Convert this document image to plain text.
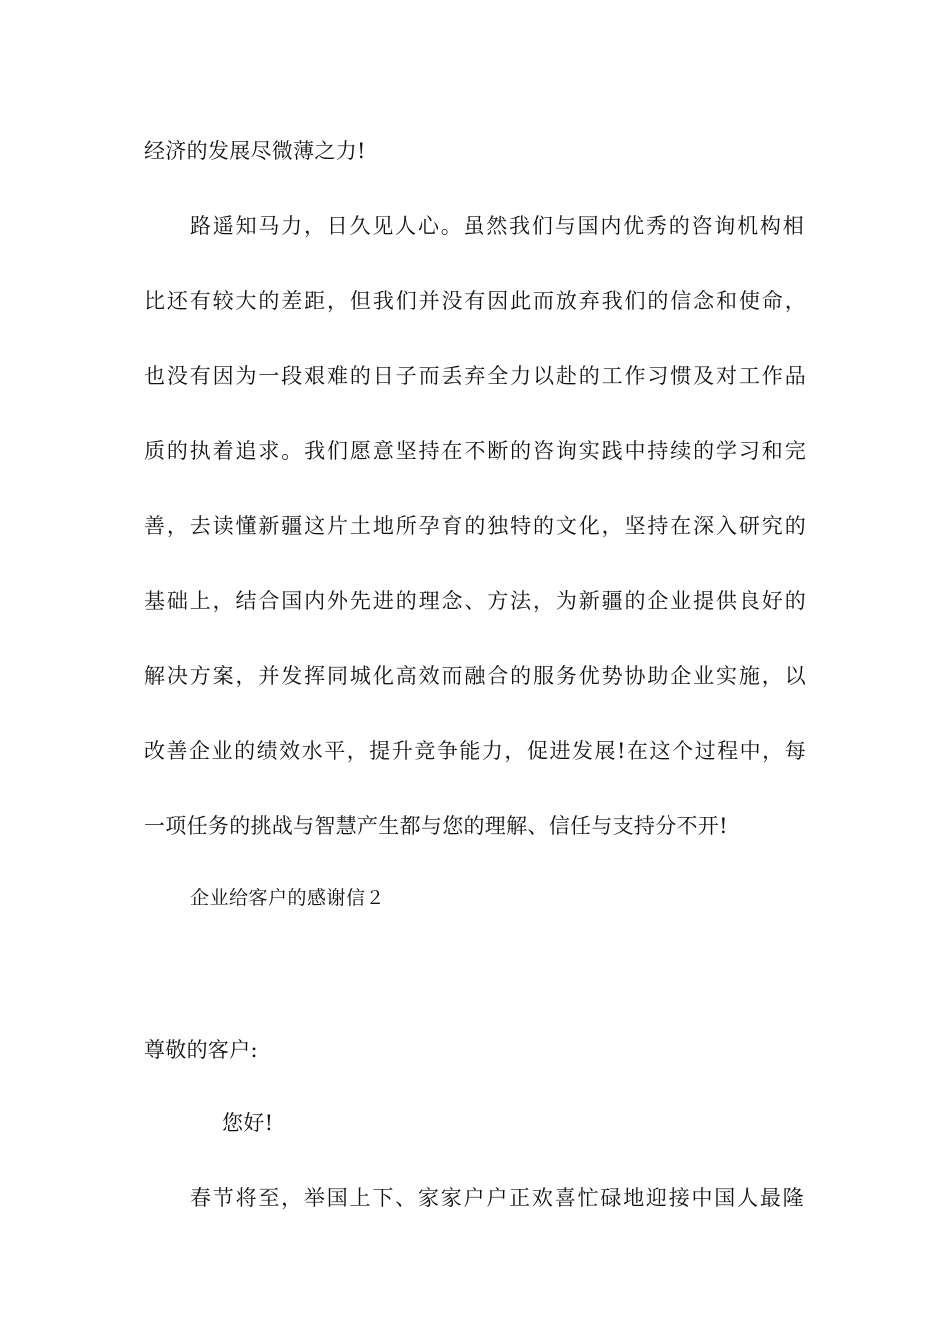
经济的发展尽微薄之力!
路遥知马力，日久见人心。虽然我们与国内优秀的咨询机构相
比还有较大的差距，但我们并没有因此而放弃我们的信念和使命，
也没有因为一段艰难的日子而丢弃全力以赴的工作习惯及对工作品
质的执着追求。我们愿意坚持在不断的咨询实践中持续的学习和完
善，去读懂新疆这片土地所孕育的独特的文化，坚持在深入研究的
基础上，结合国内外先进的理念、方法，为新疆的企业提供良好的
解决方案，并发挥同城化高效而融合的服务优势协助企业实施，以
改善企业的绩效水平，提升竞争能力，促进发展!在这个过程中，每
一项任务的挑战与智慧产生都与您的理解、信任与支持分不开!
企业给客户的感谢信２
尊敬的客户:
您好!
春节将至，举国上下、家家户户正欢喜忙碌地迎接中国人最隆
